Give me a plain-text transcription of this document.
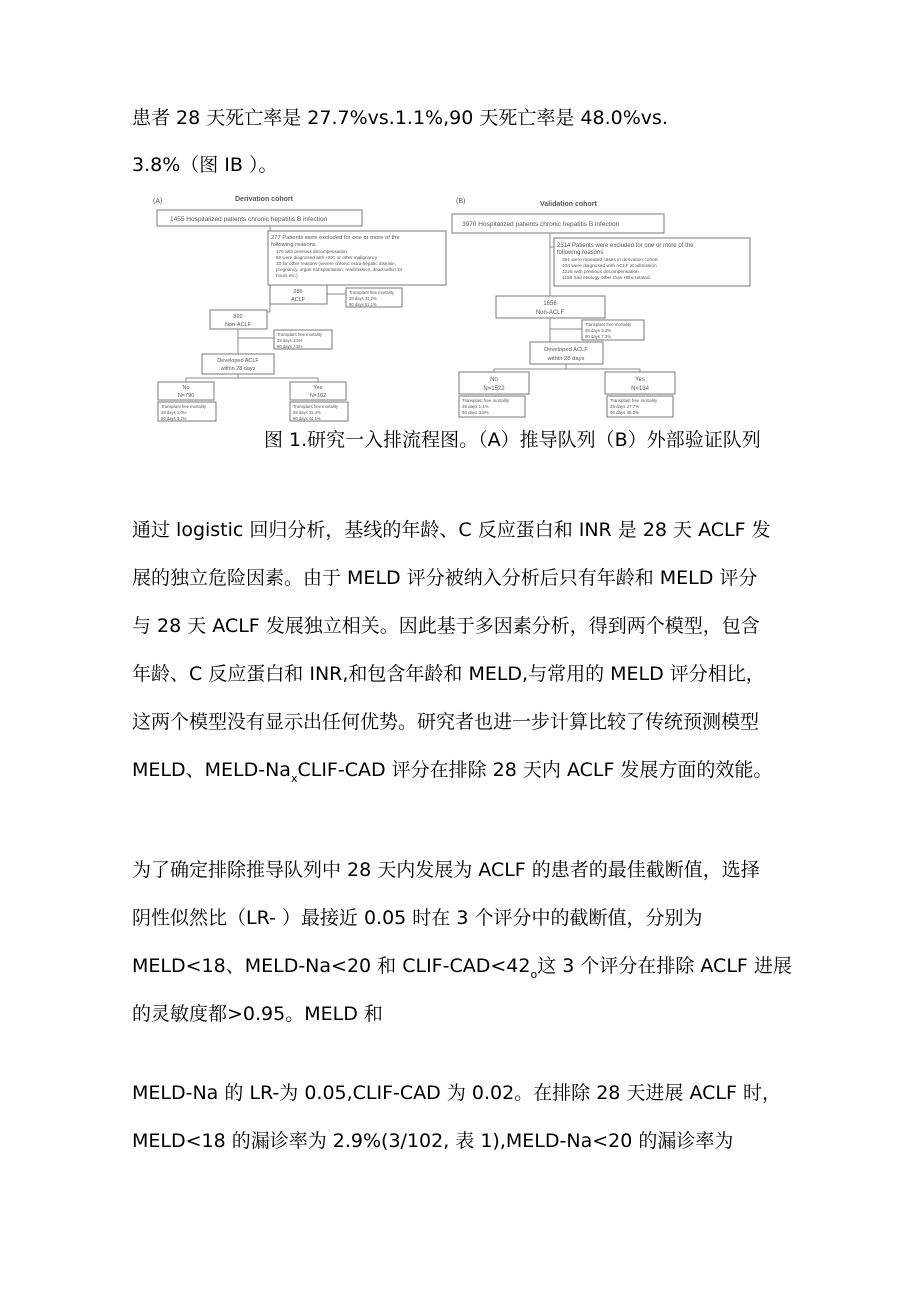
患者 28 天死亡率是 27.7%vs.1.1%,90 天死亡率是 48.0%vs.
3.8%（图 IB ）。
(A)	Derivation cohort
1455 Hospitalized patients chronic hepatitis B infection
277 Patients were excluded for one or more of the
following reasons
176 with previous decompensation
68 were diagnosed with HCC or other malignancy
33 for other reasons (severe chronic extra-hepatic disease,
pregnancy, organ transplantation, readmission, dead within 24
hours etc.)
286
ACLF
Transplant free mortality
28 days 31.2%
90 days 51.1%
892
Non-ACLF
Transplant free mortality
28 days 4.5%
90 days 7.5%
Developed ACLF
within 28 days
No
N=790
Transplant free mortality
28 days 1.0%
90 days 3.2%
Yes
N=102
Transplant free mortality
28 days 31.4%
90 days 44.1%
(B)	Validation cohort
3970 Hospitalized patients chronic hepatitis B infection
2314 Patients were excluded for one or more of the
following reasons
291 were repeated cases in derivation cohort
404 were diagnosed with ACLF at admission
1226 with previous decompensation
1159 had etiology other than HBV related
1656
Non-ACLF
Transplant free mortality
28 days 3.3%
90 days 7.3%
Developed ACLF
within 28 days
No
N=1522
Transplant free mortality
28 days 1.1%
90 days 3.8%
Yes
N=134
Transplant free mortality
28 days 27.7%
90 days 48.0%
图 1.研究一入排流程图。（A）推导队列（B）外部验证队列
通过 logistic 回归分析，基线的年龄、C 反应蛋白和 INR 是 28 天 ACLF 发
展的独立危险因素。由于 MELD 评分被纳入分析后只有年龄和 MELD 评分
与 28 天 ACLF 发展独立相关。因此基于多因素分析，得到两个模型，包含
年龄、C 反应蛋白和 INR,和包含年龄和 MELD,与常用的 MELD 评分相比，
这两个模型没有显示出任何优势。研究者也进一步计算比较了传统预测模型
MELD、MELD-$Na_xCLIF$-CAD 评分在排除 28 天内 ACLF 发展方面的效能。
为了确定排除推导队列中 28 天内发展为 ACLF 的患者的最佳截断值，选择
阴性似然比（LR- ）最接近 0.05 时在 3 个评分中的截断值，分别为
MELD<18、MELD-Na<20 和 CLIF-$CAD<42_o$这 3 个评分在排除 ACLF 进展
的灵敏度都>0.95。MELD 和
MELD-Na 的 LR-为 0.05,CLIF-CAD 为 0.02。在排除 28 天进展 ACLF 时，
MELD<18 的漏诊率为 2.9%(3/102, 表 1),MELD-Na<20 的漏诊率为
